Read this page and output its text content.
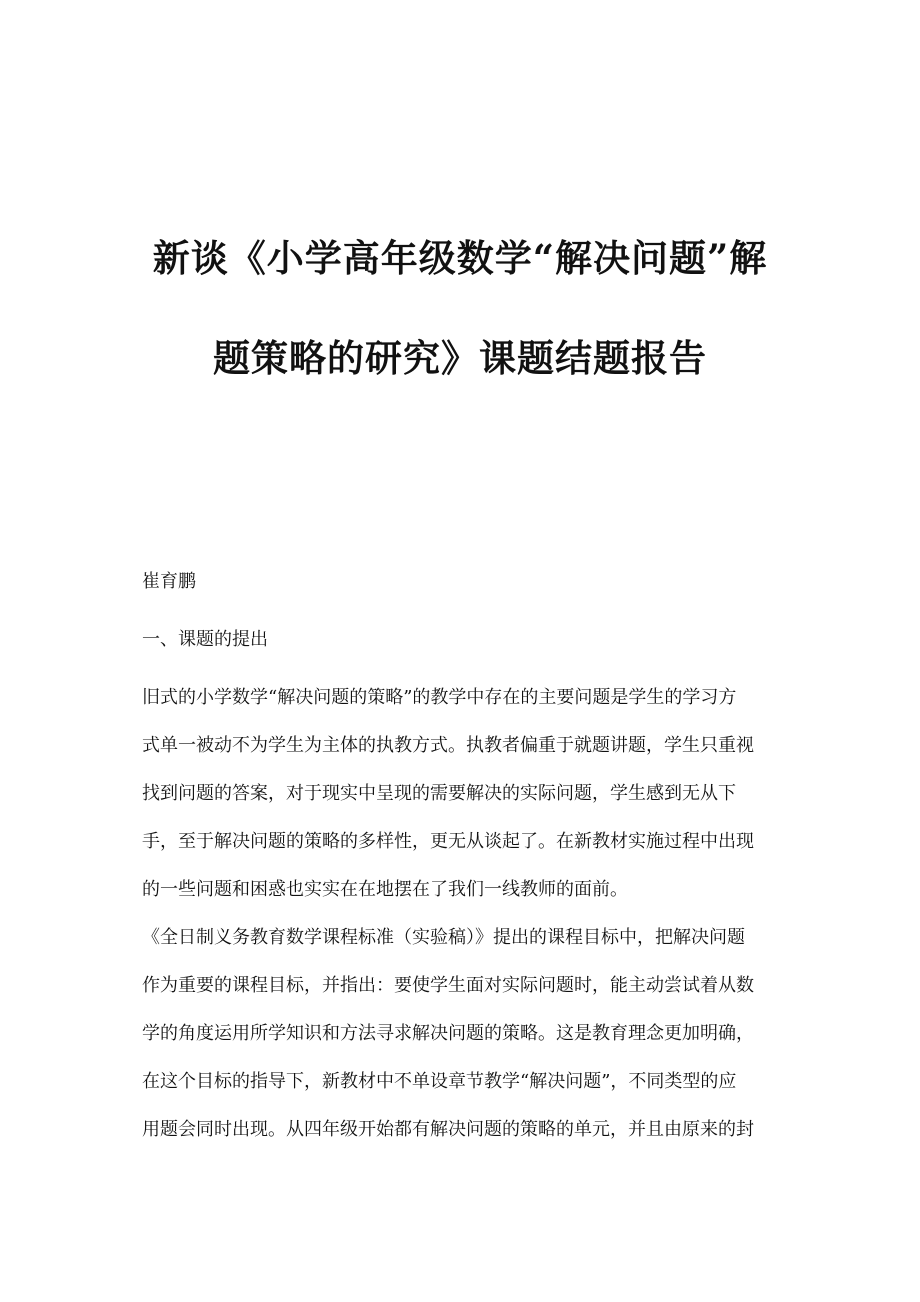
新谈《小学高年级数学“解决问题”解
题策略的研究》课题结题报告
崔育鹏
一、课题的提出
旧式的小学数学“解决问题的策略”的教学中存在的主要问题是学生的学习方
式单一被动不为学生为主体的执教方式。执教者偏重于就题讲题，学生只重视
找到问题的答案，对于现实中呈现的需要解决的实际问题，学生感到无从下
手，至于解决问题的策略的多样性，更无从谈起了。在新教材实施过程中出现
的一些问题和困惑也实实在在地摆在了我们一线教师的面前。
《全日制义务教育数学课程标准（实验稿）》提出的课程目标中，把解决问题
作为重要的课程目标，并指出：要使学生面对实际问题时，能主动尝试着从数
学的角度运用所学知识和方法寻求解决问题的策略。这是教育理念更加明确，
在这个目标的指导下，新教材中不单设章节教学“解决问题”，不同类型的应
用题会同时出现。从四年级开始都有解决问题的策略的单元，并且由原来的封
